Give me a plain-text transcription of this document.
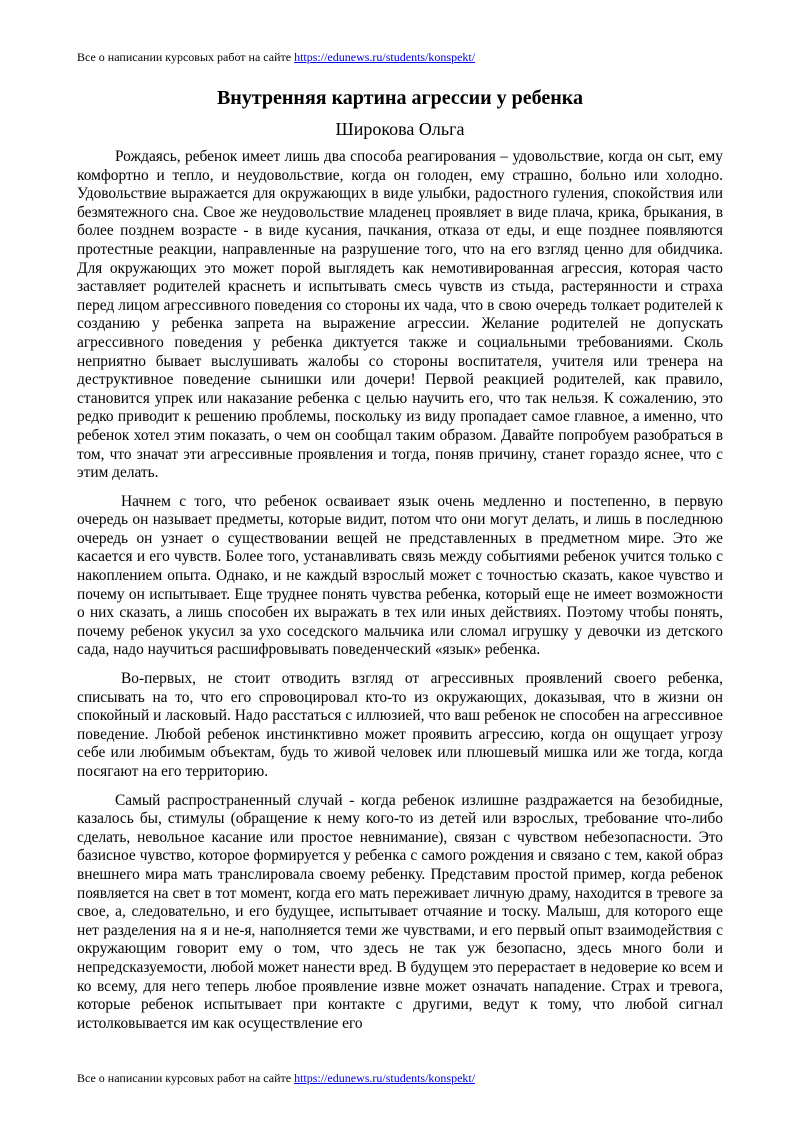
Все о написании курсовых работ на сайте https://edunews.ru/students/konspekt/
Внутренняя картина агрессии у ребенка
Широкова Ольга

Рождаясь, ребенок имеет лишь два способа реагирования – удовольствие, когда он сыт, ему комфортно и тепло, и неудовольствие, когда он голоден, ему страшно, больно или холодно. Удовольствие выражается для окружающих в виде улыбки, радостного гуления, спокойствия или безмятежного сна. Свое же неудовольствие младенец проявляет в виде плача, крика, брыкания, в более позднем возрасте - в виде кусания, пачкания, отказа от еды, и еще позднее появляются протестные реакции, направленные на разрушение того, что на его взгляд ценно для обидчика. Для окружающих это может порой выглядеть как немотивированная агрессия, которая часто заставляет родителей краснеть и испытывать смесь чувств из стыда, растерянности и страха перед лицом агрессивного поведения со стороны их чада, что в свою очередь толкает родителей к созданию у ребенка запрета на выражение агрессии. Желание родителей не допускать агрессивного поведения у ребенка диктуется также и социальными требованиями. Сколь неприятно бывает выслушивать жалобы со стороны воспитателя, учителя или тренера на деструктивное поведение сынишки или дочери! Первой реакцией родителей, как правило, становится упрек или наказание ребенка с целью научить его, что так нельзя. К сожалению, это редко приводит к решению проблемы, поскольку из виду пропадает самое главное, а именно, что ребенок хотел этим показать, о чем он сообщал таким образом. Давайте попробуем разобраться в том, что значат эти агрессивные проявления и тогда, поняв причину, станет гораздо яснее, что с этим делать.

Начнем с того, что ребенок осваивает язык очень медленно и постепенно, в первую очередь он называет предметы, которые видит, потом что они могут делать, и лишь в последнюю очередь он узнает о существовании вещей не представленных в предметном мире. Это же касается и его чувств. Более того, устанавливать связь между событиями ребенок учится только с накоплением опыта. Однако, и не каждый взрослый может с точностью сказать, какое чувство и почему он испытывает. Еще труднее понять чувства ребенка, который еще не имеет возможности о них сказать, а лишь способен их выражать в тех или иных действиях. Поэтому чтобы понять, почему ребенок укусил за ухо соседского мальчика или сломал игрушку у девочки из детского сада, надо научиться расшифровывать поведенческий «язык» ребенка.

Во-первых, не стоит отводить взгляд от агрессивных проявлений своего ребенка, списывать на то, что его спровоцировал кто-то из окружающих, доказывая, что в жизни он спокойный и ласковый. Надо расстаться с иллюзией, что ваш ребенок не способен на агрессивное поведение. Любой ребенок инстинктивно может проявить агрессию, когда он ощущает угрозу себе или любимым объектам, будь то живой человек или плюшевый мишка или же тогда, когда посягают на его территорию.

Самый распространенный случай - когда ребенок излишне раздражается на безобидные, казалось бы, стимулы (обращение к нему кого-то из детей или взрослых, требование что-либо сделать, невольное касание или простое невнимание), связан с чувством небезопасности. Это базисное чувство, которое формируется у ребенка с самого рождения и связано с тем, какой образ внешнего мира мать транслировала своему ребенку. Представим простой пример, когда ребенок появляется на свет в тот момент, когда его мать переживает личную драму, находится в тревоге за свое, а, следовательно, и его будущее, испытывает отчаяние и тоску. Малыш, для которого еще нет разделения на я и не-я, наполняется теми же чувствами, и его первый опыт взаимодействия с окружающим говорит ему о том, что здесь не так уж безопасно, здесь много боли и непредсказуемости, любой может нанести вред. В будущем это перерастает в недоверие ко всем и ко всему, для него теперь любое проявление извне может означать нападение. Страх и тревога, которые ребенок испытывает при контакте с другими, ведут к тому, что любой сигнал истолковывается им как осуществление его

Все о написании курсовых работ на сайте https://edunews.ru/students/konspekt/
